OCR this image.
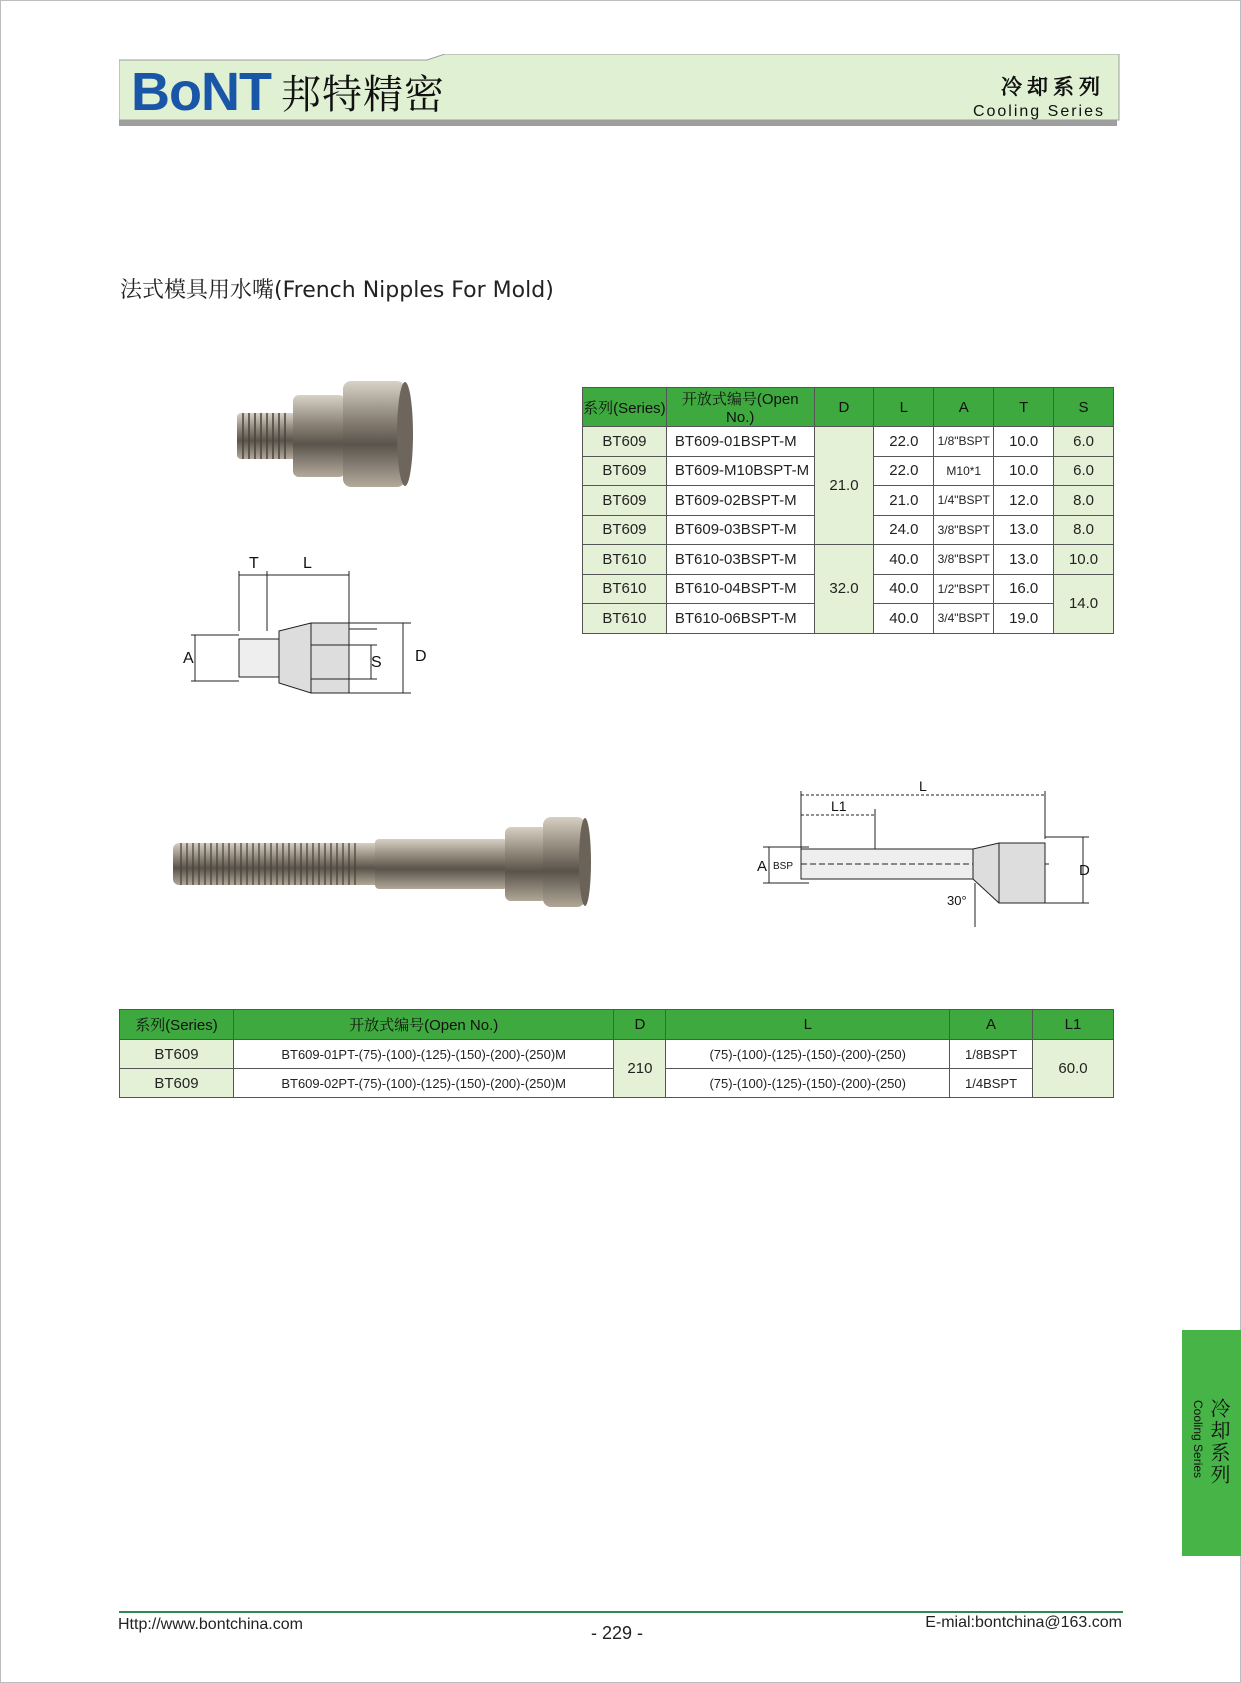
BoNT 邦特精密	冷却系列
Cooling Series
法式模具用水嘴(French Nipples For Mold)
T	L
A	S D
系列(Series)	开放式编号(Open No.)	D	L	A	T	S
BT609	BT609-01BSPT-M	21.0	22.0	1/8"BSPT	10.0	6.0
BT609	BT609-M10BSPT-M		22.0	M10*1	10.0	6.0
BT609	BT609-02BSPT-M		21.0	1/4"BSPT	12.0	8.0
BT609	BT609-03BSPT-M		24.0	3/8"BSPT	13.0	8.0
BT610	BT610-03BSPT-M	32.0	40.0	3/8"BSPT	13.0	10.0
BT610	BT610-04BSPT-M		40.0	1/2"BSPT	16.0	14.0
BT610	BT610-06BSPT-M		40.0	3/4"BSPT	19.0	
L
L1
A BSP	D
30°
系列(Series)	开放式编号(Open No.)	D	L	A	L1
BT609	BT609-01PT-(75)-(100)-(125)-(150)-(200)-(250)M	210	(75)-(100)-(125)-(150)-(200)-(250)	1/8BSPT	60.0
BT609	BT609-02PT-(75)-(100)-(125)-(150)-(200)-(250)M		(75)-(100)-(125)-(150)-(200)-(250)	1/4BSPT	
冷却系列
Cooling Series
Http://www.bontchina.com	- 229 -
E-mial:bontchina@163.com
